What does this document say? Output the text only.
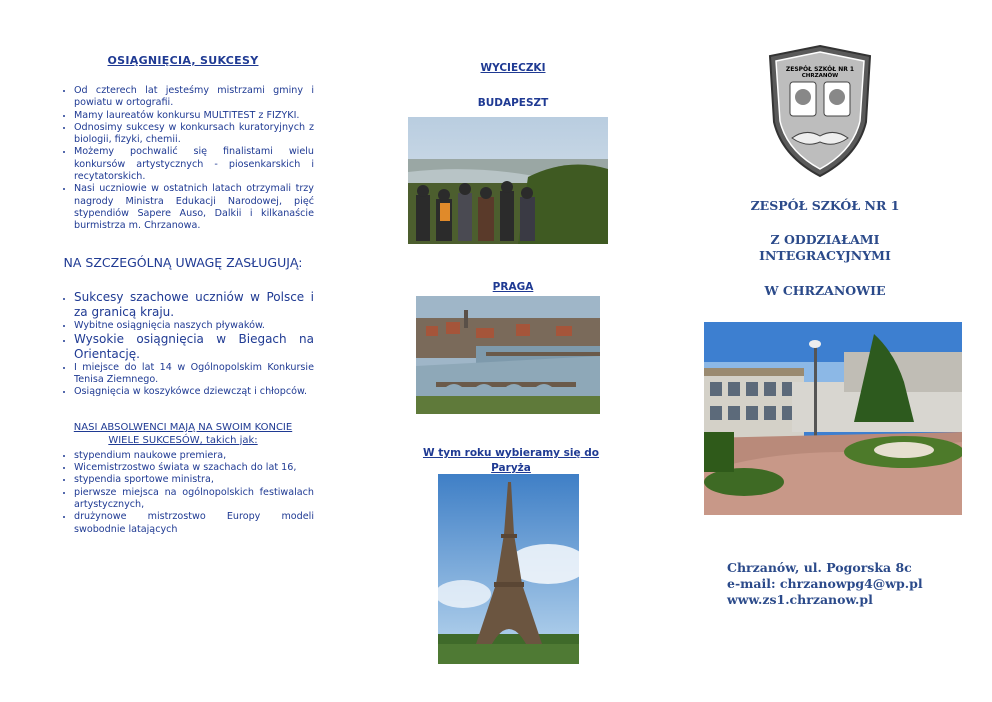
OSIĄGNIĘCIA, SUKCESY
• Od czterech lat jesteśmy mistrzami gminy i powiatu w ortografii.
• Mamy laureatów konkursu MULTITEST z FIZYKI.
• Odnosimy sukcesy w konkursach kuratoryjnych z biologii, fizyki, chemii.
• Możemy pochwalić się finalistami wielu konkursów artystycznych - piosenkarskich i recytatorskich.
• Nasi uczniowie w ostatnich latach otrzymali trzy nagrody Ministra Edukacji Narodowej, pięć stypendiów Sapere Auso, Dalkii i kilkanaście burmistrza m. Chrzanowa.
NA SZCZEGÓLNĄ UWAGĘ ZASŁUGUJĄ:
• Sukcesy szachowe uczniów w Polsce i za granicą kraju.
• Wybitne osiągnięcia naszych pływaków.
• Wysokie osiągnięcia w Biegach na Orientację.
• I miejsce do lat 14 w Ogólnopolskim Konkursie Tenisa Ziemnego.
• Osiągnięcia w koszykówce dziewcząt i chłopców.
NASI ABSOLWENCI MAJĄ NA SWOIM KONCIE WIELE SUKCESÓW, takich jak:
• stypendium naukowe premiera,
• Wicemistrzostwo świata w szachach do lat 16,
• stypendia sportowe ministra,
• pierwsze miejsca na ogólnopolskich festiwalach artystycznych,
• drużynowe mistrzostwo Europy modeli swobodnie latających
WYCIECZKI
BUDAPESZT
PRAGA
W tym roku wybieramy się do Paryża
ZESPÓŁ SZKÓŁ NR 1
CHRZANÓW
ZESPÓŁ SZKÓŁ NR 1
Z ODDZIAŁAMI
INTEGRACYJNYMI
W CHRZANOWIE
Chrzanów, ul. Pogorska 8c
e-mail: chrzanowpg4@wp.pl
www.zs1.chrzanow.pl
